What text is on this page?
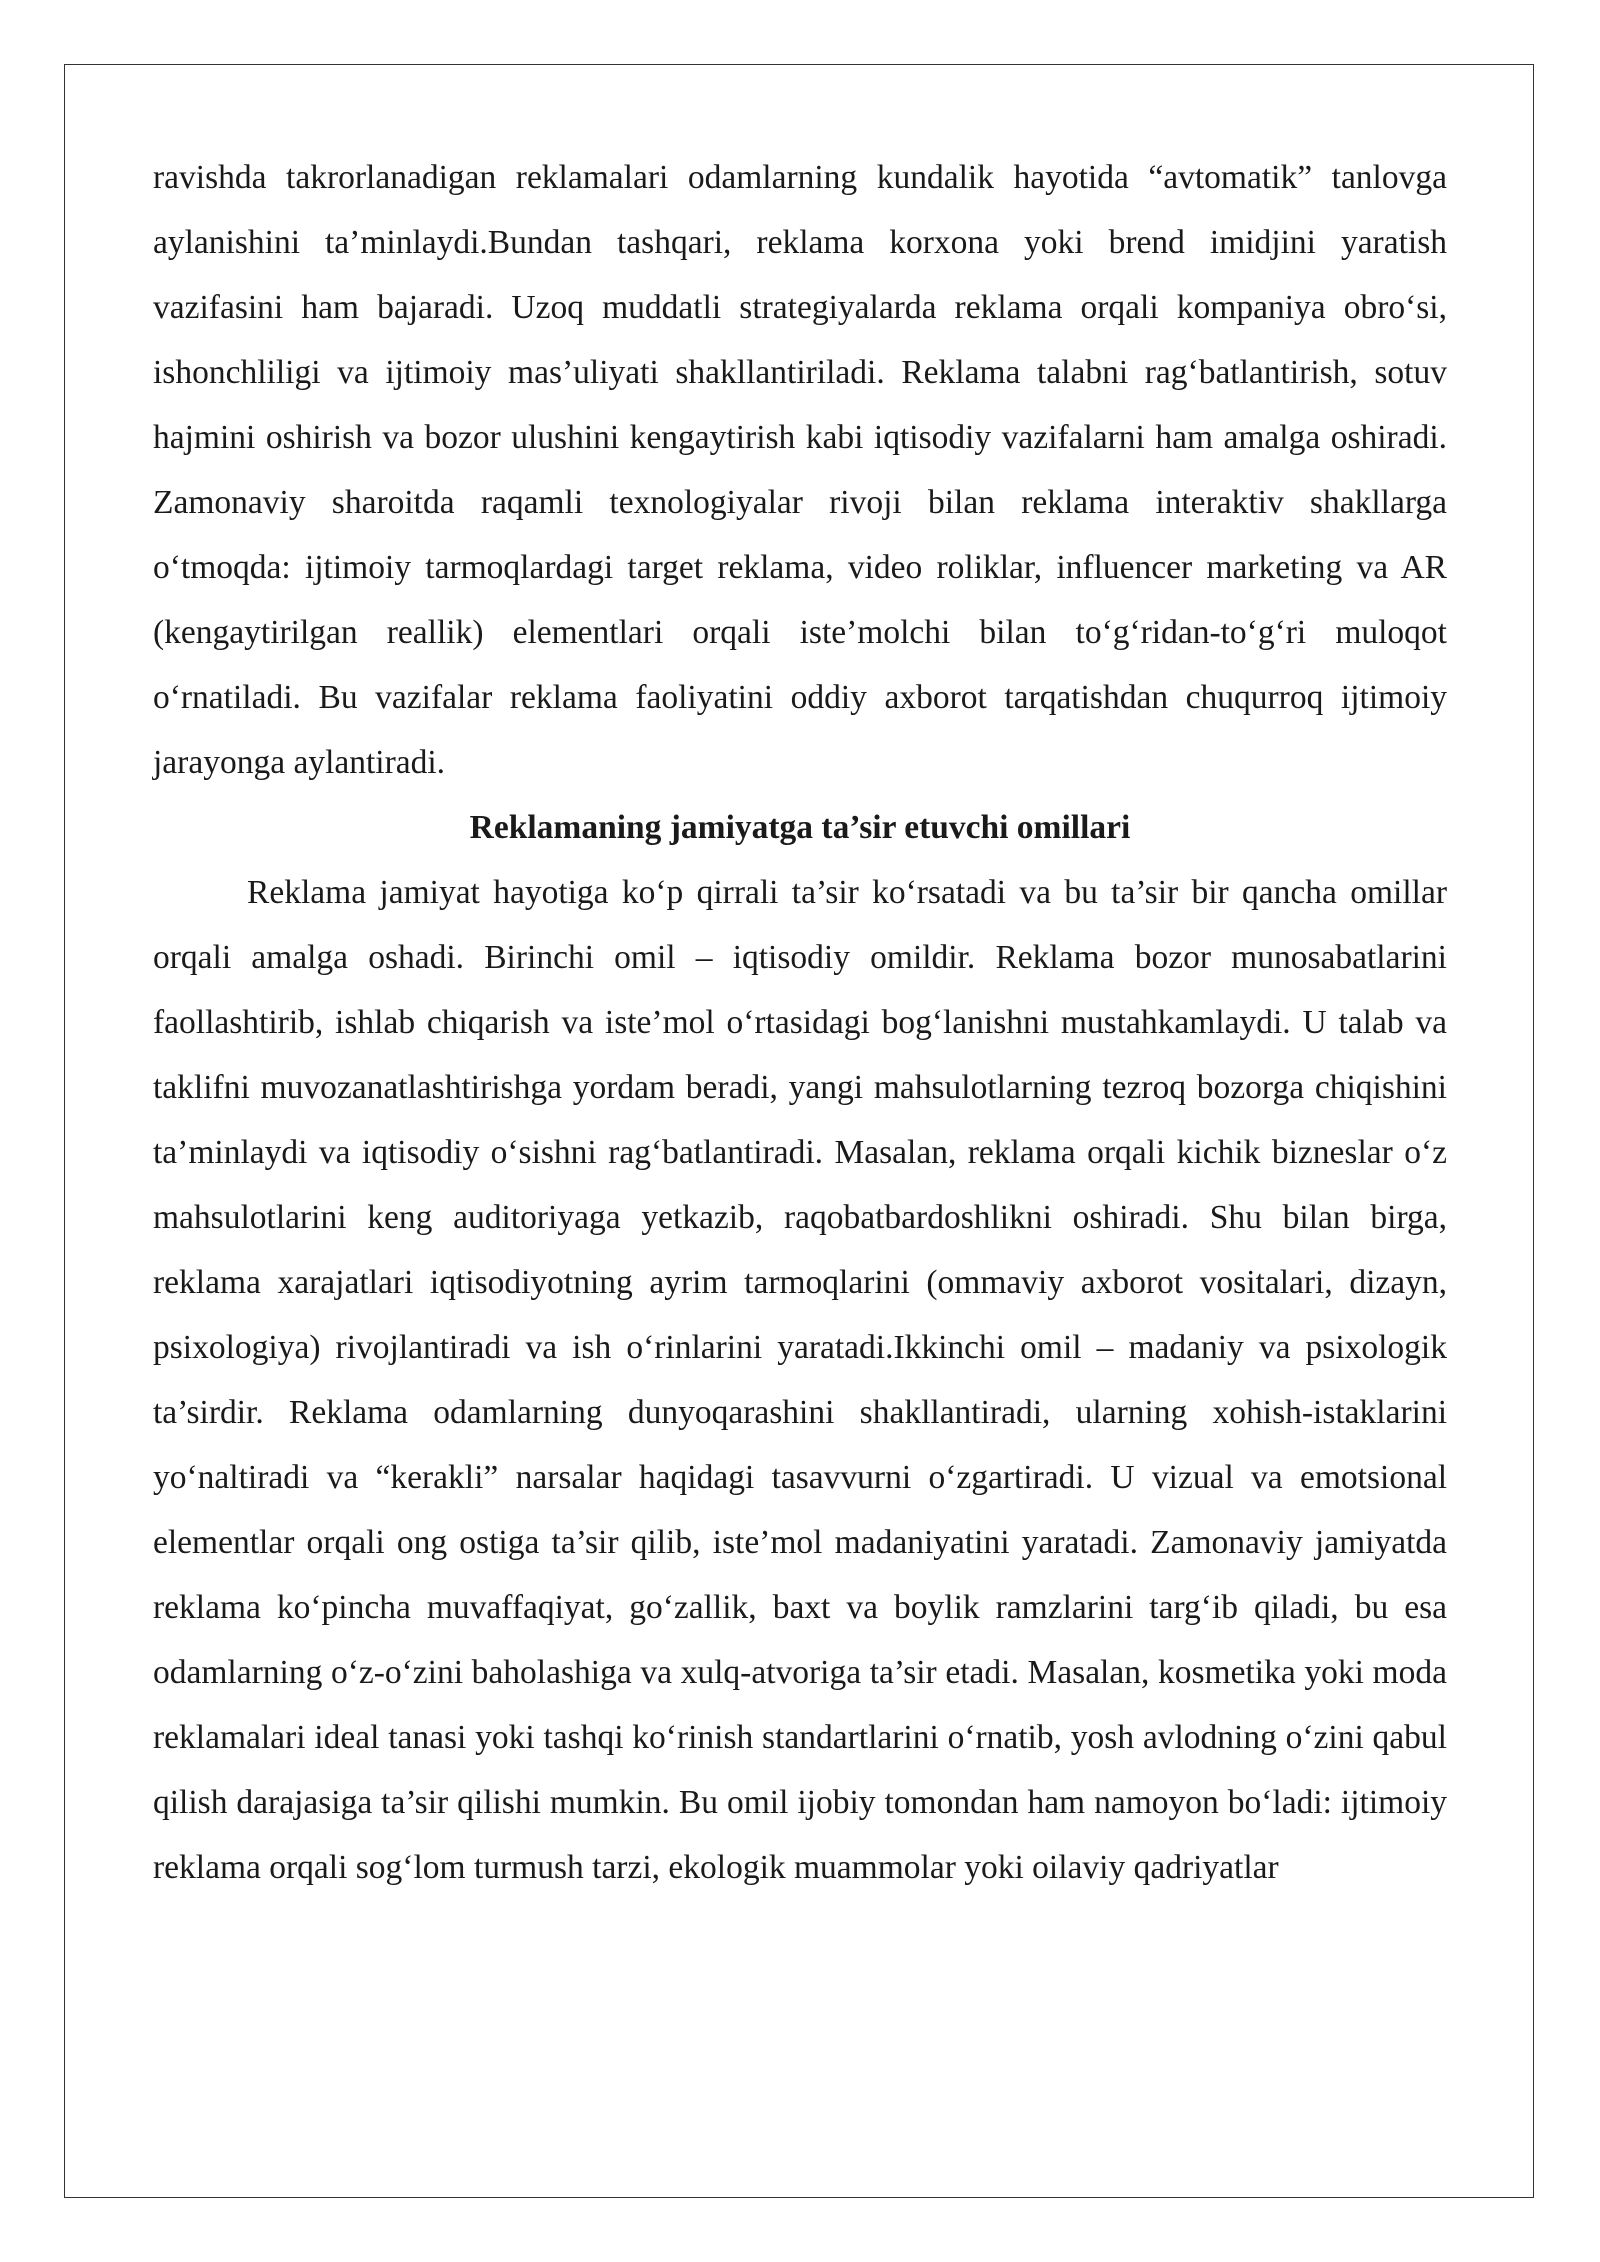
ravishda takrorlanadigan reklamalari odamlarning kundalik hayotida “avtomatik” tanlovga aylanishini ta’minlaydi.Bundan tashqari, reklama korxona yoki brend imidjini yaratish vazifasini ham bajaradi. Uzoq muddatli strategiyalarda reklama orqali kompaniya obro‘si, ishonchliligi va ijtimoiy mas’uliyati shakllantiriladi. Reklama talabni rag‘batlantirish, sotuv hajmini oshirish va bozor ulushini kengaytirish kabi iqtisodiy vazifalarni ham amalga oshiradi. Zamonaviy sharoitda raqamli texnologiyalar rivoji bilan reklama interaktiv shakllarga o‘tmoqda: ijtimoiy tarmoqlardagi target reklama, video roliklar, influencer marketing va AR (kengaytirilgan reallik) elementlari orqali iste’molchi bilan to‘g‘ridan-to‘g‘ri muloqot o‘rnatiladi. Bu vazifalar reklama faoliyatini oddiy axborot tarqatishdan chuqurroq ijtimoiy jarayonga aylantiradi.

Reklamaning jamiyatga ta’sir etuvchi omillari

Reklama jamiyat hayotiga ko‘p qirrali ta’sir ko‘rsatadi va bu ta’sir bir qancha omillar orqali amalga oshadi. Birinchi omil – iqtisodiy omildir. Reklama bozor munosabatlarini faollashtirib, ishlab chiqarish va iste’mol o‘rtasidagi bog‘lanishni mustahkamlaydi. U talab va taklifni muvozanatlashtirishga yordam beradi, yangi mahsulotlarning tezroq bozorga chiqishini ta’minlaydi va iqtisodiy o‘sishni rag‘batlantiradi. Masalan, reklama orqali kichik bizneslar o‘z mahsulotlarini keng auditoriyaga yetkazib, raqobatbardoshlikni oshiradi. Shu bilan birga, reklama xarajatlari iqtisodiyotning ayrim tarmoqlarini (ommaviy axborot vositalari, dizayn, psixologiya) rivojlantiradi va ish o‘rinlarini yaratadi.Ikkinchi omil – madaniy va psixologik ta’sirdir. Reklama odamlarning dunyoqarashini shakllantiradi, ularning xohish-istaklarini yo‘naltiradi va “kerakli” narsalar haqidagi tasavvurni o‘zgartiradi. U vizual va emotsional elementlar orqali ong ostiga ta’sir qilib, iste’mol madaniyatini yaratadi. Zamonaviy jamiyatda reklama ko‘pincha muvaffaqiyat, go‘zallik, baxt va boylik ramzlarini targ‘ib qiladi, bu esa odamlarning o‘z-o‘zini baholashiga va xulq-atvoriga ta’sir etadi. Masalan, kosmetika yoki moda reklamalari ideal tanasi yoki tashqi ko‘rinish standartlarini o‘rnatib, yosh avlodning o‘zini qabul qilish darajasiga ta’sir qilishi mumkin. Bu omil ijobiy tomondan ham namoyon bo‘ladi: ijtimoiy reklama orqali sog‘lom turmush tarzi, ekologik muammolar yoki oilaviy qadriyatlar
